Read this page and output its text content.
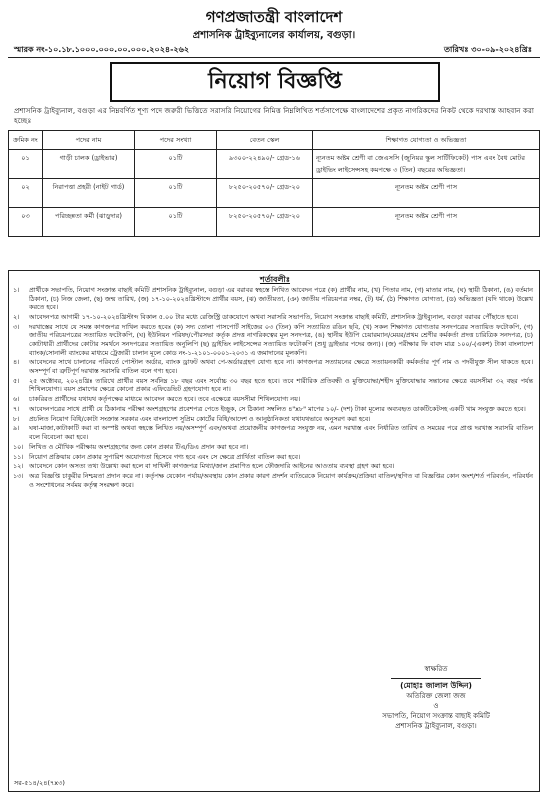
গণপ্রজাতন্ত্রী বাংলাদেশ
প্রশাসনিক ট্রাইব্যুনালের কার্যালয়, বগুড়া।
স্মারক নং-১০.১৮.১০০০.০০০.০০.০০০.২০২৪-২৬২	তারিখঃ ৩০-০৯-২০২৪খ্রিঃ
নিয়োগ বিজ্ঞপ্তি
প্রশাসনিক ট্রাইব্যুনাল, বগুড়া এর নিম্নবর্ণিত শূণ্য পদে জরুরী ভিত্তিতে সরাসরি নিয়োগের নিমিত্ত নিম্নলিখিত শর্তসাপেক্ষে বাংলাদেশের প্রকৃত নাগরিকদের নিকট থেকে দরখাস্ত আহবান করা হচ্ছেঃ
ক্রমিক নং	পদের নাম	পদের সংখ্যা	বেতন স্কেল	শিক্ষাগত যোগ্যতা ও অভিজ্ঞতা
০১	গাড়ী চালক (ড্রাইভার)	০১টি	৯৩০০-২২৪৯০/- গ্রেড-১৬	ন্যূনতম অষ্টম শ্রেণী বা জেএসসি (জুনিয়র স্কুল সার্টিফিকেট) পাস এবং বৈধ মোটর ড্রাইভিং লাইসেন্সসহ কমপক্ষে ৩ (তিন) বছরের অভিজ্ঞতা।
০২	নিরাপত্তা প্রহরী (নাইট গার্ড)	০১টি	৮২৫০-২০৫৭০/- গ্রেড-২০	ন্যূনতম অষ্টম শ্রেণী পাস
০৩	পরিচ্ছন্নতা কর্মী (ঝাড়ুদার)	০১টি	৮২৫০-২০৫৭০/- গ্রেড-২০	ন্যূনতম অষ্টম শ্রেণী পাস
শর্তাবলীঃ
১।	প্রার্থীকে সভাপতি, নিয়োগ সংক্রান্ত বাছাই কমিটি প্রশাসনিক ট্রাইব্যুনাল, বগুড়া এর বরাবর স্বহস্তে লিখিত আবেদন পত্রে (ক) প্রার্থীর নাম, (খ) পিতার নাম, (গ) মাতার নাম, (ঘ) স্থায়ী ঠিকানা, (ঙ) বর্তমান ঠিকানা, (চ) নিজ জেলা, (ছ) জন্ম তারিখ, (জ) ১৭-১০-২০২৪খ্রিস্টাব্দে প্রার্থীর বয়স, (ঝ) জাতীয়তা, (ঞ) জাতীয় পরিচয়পত্র নম্বর, (ট) ধর্ম, (ঠ) শিক্ষাগত যোগ্যতা, (ড) অভিজ্ঞতা (যদি থাকে) উল্লেখ করতে হবে।
২।	আবেদনপত্র আগামী ১৭-১০-২০২৪খ্রিস্টাব্দ বিকাল ৫.০০ টার মধ্যে রেজিস্ট্রি ডাকযোগে অথবা সরাসরি সভাপতি, নিয়োগ সংক্রান্ত বাছাই কমিটি, প্রশাসনিক ট্রাইব্যুনাল, বগুড়া বরাবর পৌঁছাতে হবে।
৩।	দরখাস্তের সাথে যে সমস্ত কাগজপত্র দাখিল করতে হবেঃ (ক) সদ্য তোলা পাসপোর্ট সাইজের ০৩ (তিন) কপি সত্যায়িত রঙিন ছবি, (খ) সকল শিক্ষাগত যোগ্যতার সনদপত্রের সত্যায়িত ফটোকপি, (গ) জাতীয় পরিচয়পত্রের সত্যায়িত ফটোকপি, (ঘ) ইউনিয়ন পরিষদ/পৌরসভা কর্তৃক প্রদত্ত নাগরিকত্বের মূল সনদপত্র, (ঙ) স্থানীয় ইউপি চেয়ারম্যান/মেয়র/প্রথম শ্রেণীর কর্মকর্তা প্রদত্ত চারিত্রিক সনদপত্র, (চ) কোটাধারী প্রার্থীদের কোটার সমর্থনে সনদপত্রের সত্যায়িত অনুলিপি (ছ) ড্রাইভিং লাইসেন্সের সত্যায়িত ফটোকপি (শুধু ড্রাইভার পদের জন্য)। (জ) পরীক্ষার ফি বাবদ মাত্র ১০০/-(একশ) টাকা বাংলাদেশ ব্যাংক/সোনালী ব্যাংকের মাধ্যমে ট্রেজারী চালান মূলে কোড নং-১-২১০১-০০০১-২০৩১ এ জমাদানের মূলকপি।
৪।	আবেদনের সাথে চালানের পরিবর্তে পোস্টাল অর্ডার, ব্যাংক ড্রাফট অথবা পে-অর্ডারগ্রহণ যোগ্য হবে না। কাগজপত্র সত্যায়নের ক্ষেত্রে সত্যায়নকারী কর্মকর্তার পূর্ণ নাম ও পদবীযুক্ত সীল থাকতে হবে। অসম্পূর্ণ বা ত্রুটিপূর্ণ দরখাস্ত সরাসরি বাতিল বলে গণ্য হবে।
৫।	২৫ অক্টোবর, ২০২৪খ্রিঃ তারিখে প্রার্থীর বয়স সর্বনিম্ন ১৮ বছর এবং সর্বোচ্চ ৩০ বছর হতে হবে। তবে শারীরিক প্রতিবন্ধী ও মুক্তিযোদ্ধা/শহীদ মুক্তিযোদ্ধার সন্তানের ক্ষেত্রে বয়সসীমা ৩২ বছর পর্যন্ত শিথিলযোগ্য। বয়স প্রমাণের ক্ষেত্রে কোনো প্রকার এফিডেভিট গ্রহণযোগ্য হবে না।
৬।	চাকরিরত প্রার্থীদের যথাযথ কর্তৃপক্ষের মাধ্যমে আবেদন করতে হবে। তবে এক্ষেত্রে বয়সসীমা শিথিলযোগ্য নয়।
৭।	আবেদনপত্রের সাথে প্রার্থী যে ঠিকানায় পরীক্ষা অংশগ্রহণের প্রবেশপত্র পেতে ইচ্ছুক, সে ঠিকানা সম্বলিত ৪"x৮" মাপের ১০/- (দশ) টাকা মূল্যের অব্যবহৃত ডাকটিকেটসহ একটি খাম সংযুক্ত করতে হবে।
৮।	প্রচলিত নিয়োগ বিধি/কোটা সংক্রান্ত সরকার এবং বাংলাদেশ সুপ্রিম কোর্টের বিধি/আদেশ ও আনুষ্ঠানিকতা যথাযথভাবে অনুসরণ করা হবে।
৯।	ঘষা-মাজা,কাটাকাটি করা বা অস্পষ্ট অথবা স্বহস্তে লিখিত নয়/অসম্পূর্ণ এবং/অথবা প্রয়োজনীয় কাগজপত্র সংযুক্ত নয়, এমন দরখাস্ত এবং নির্ধারিত তারিখ ও সময়ের পরে প্রাপ্ত দরখাস্ত সরাসরি বাতিল বলে বিবেচনা করা হবে।
১০। লিখিত ও মৌখিক পরীক্ষায় অংশগ্রহণের জন্য কোন প্রকার টিএ/ডিএ প্রদান করা হবে না।
১১। নিয়োগ প্রক্রিয়ায় কোন প্রকার সুপারিশ অযোগ্যতা হিসেবে গণ্য হবে এবং সে ক্ষেত্রে প্রার্থিতা বাতিল করা হবে।
১২। আবেদনে কোন অসত্য তথ্য উল্লেখ্য করা হলে বা দাখিলী কাগজপত্র মিথ্যা/জাল প্রমাণিত হলে ফৌজদারি আইনের আওতায় ব্যবস্থা গ্রহণ করা হবে।
১৩। অত্র বিজ্ঞপ্তি চাকুরীর নিশ্চয়তা প্রদান করে না। কর্তৃপক্ষ যেকোন পর্যায়/অবস্থায় কোন প্রকার কারণ প্রদর্শন ব্যতিরেকে নিয়োগ কার্যক্রম/প্রক্রিয়া বাতিল/স্থগিত বা বিজ্ঞপ্তির কোন অংশ/শর্ত পরিবর্তন, পরিবর্ধন ও সংশোধনের সর্বময় কর্তৃত্ব সংরক্ষণ করে।
স্বাক্ষরিত
(মোহাঃ জালাল উদ্দিন)
অতিরিক্ত জেলা জজ
ও
সভাপতি, নিয়োগ সংক্রান্ত বাছাই কমিটি
প্রশাসনিক ট্রাইব্যুনাল, বগুড়া।
সর-৫১৪/২৪(৭x৩)
